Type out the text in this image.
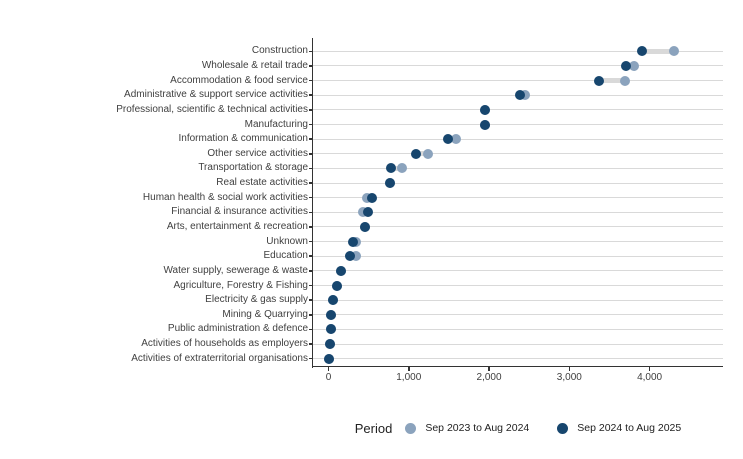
Construction
Wholesale & retail trade
Accommodation & food service
Administrative & support service activities
Professional, scientific & technical activities
Manufacturing
Information & communication
Other service activities
Transportation & storage
Real estate activities
Human health & social work activities
Financial & insurance activities
Arts, entertainment & recreation
Unknown
Education
Water supply, sewerage & waste
Agriculture, Forestry & Fishing
Electricity & gas supply
Mining & Quarrying
Public administration & defence
Activities of households as employers
Activities of extraterritorial organisations
0	1,000	2,000	3,000	4,000
Period	Sep 2023 to Aug 2024	Sep 2024 to Aug 2025
